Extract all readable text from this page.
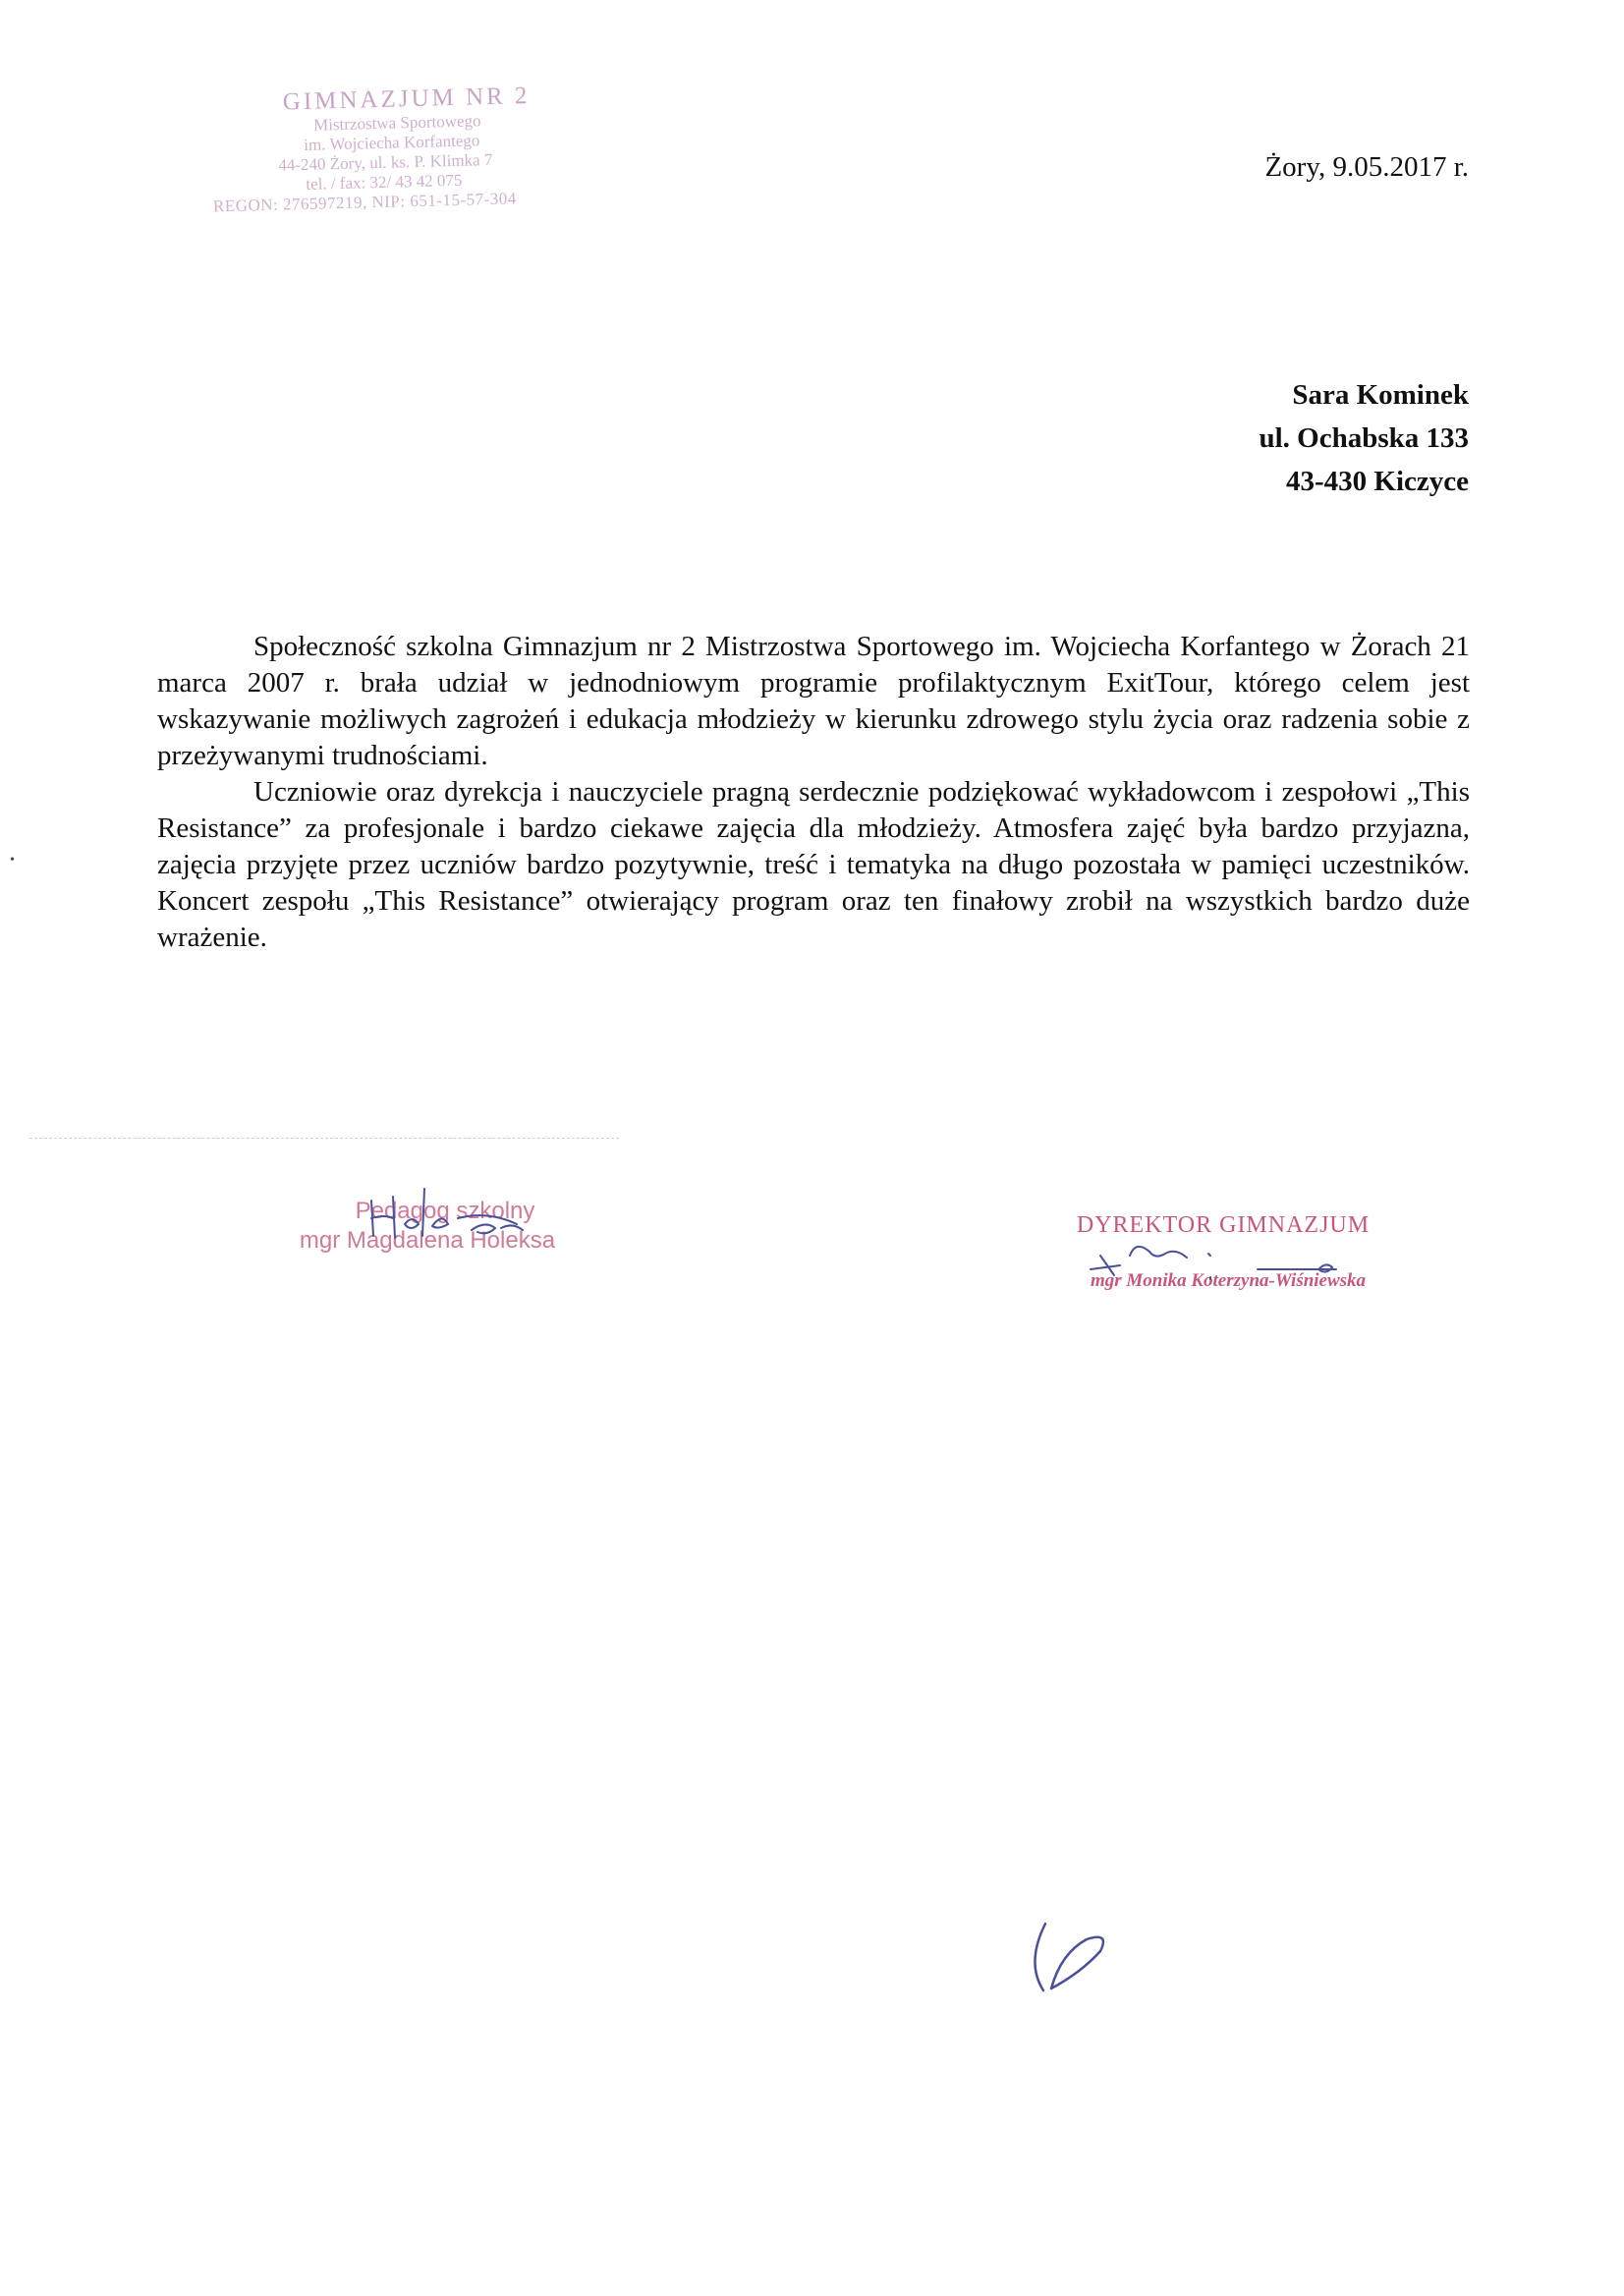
GIMNAZJUM NR 2
Mistrzostwa Sportowego
im. Wojciecha Korfantego
44-240 Żory, ul. ks. P. Klimka 7
tel. / fax: 32/ 43 42 075
REGON: 276597219, NIP: 651-15-57-304
Żory, 9.05.2017 r.
Sara Kominek
ul. Ochabska 133
43-430 Kiczyce

Społeczność szkolna Gimnazjum nr 2 Mistrzostwa Sportowego im. Wojciecha Korfantego w Żorach 21 marca 2007 r. brała udział w jednodniowym programie profilaktycznym ExitTour, którego celem jest wskazywanie możliwych zagrożeń i edukacja młodzieży w kierunku zdrowego stylu życia oraz radzenia sobie z przeżywanymi trudnościami.

Uczniowie oraz dyrekcja i nauczyciele pragną serdecznie podziękować wykładowcom i zespołowi „This Resistance” za profesjonale i bardzo ciekawe zajęcia dla młodzieży. Atmosfera zajęć była bardzo przyjazna, zajęcia przyjęte przez uczniów bardzo pozytywnie, treść i tematyka na długo pozostała w pamięci uczestników. Koncert zespołu „This Resistance” otwierający program oraz ten finałowy zrobił na wszystkich bardzo duże wrażenie.

•
Pedagog szkolny
mgr Magdalena Holeksa
DYREKTOR GIMNAZJUM
mgr Monika Koterzyna-Wiśniewska
